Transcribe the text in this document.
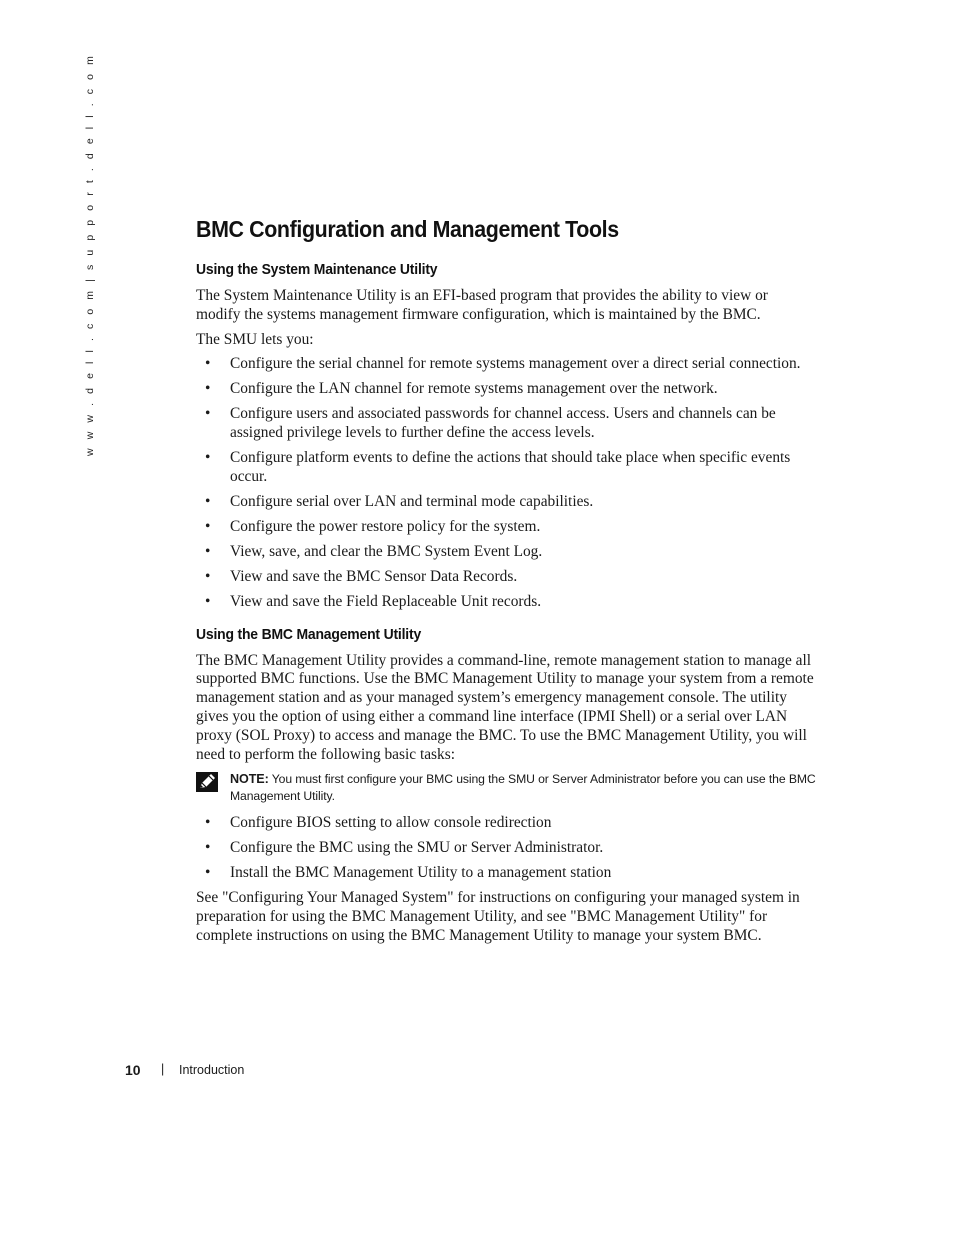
w w w . d e l l . c o m | s u p p o r t . d e l l . c o m	BMC Configuration and Management Tools
Using the System Maintenance Utility

The System Maintenance Utility is an EFI-based program that provides the ability to view or modify the systems management firmware configuration, which is maintained by the BMC.

The SMU lets you:

• Configure the serial channel for remote systems management over a direct serial connection.
• Configure the LAN channel for remote systems management over the network.
• Configure users and associated passwords for channel access. Users and channels can be assigned privilege levels to further define the access levels.
• Configure platform events to define the actions that should take place when specific events occur.
• Configure serial over LAN and terminal mode capabilities.
• Configure the power restore policy for the system.
• View, save, and clear the BMC System Event Log.
• View and save the BMC Sensor Data Records.
• View and save the Field Replaceable Unit records.
Using the BMC Management Utility

The BMC Management Utility provides a command-line, remote management station to manage all supported BMC functions. Use the BMC Management Utility to manage your system from a remote management station and as your managed system’s emergency management console. The utility gives you the option of using either a command line interface (IPMI Shell) or a serial over LAN proxy (SOL Proxy) to access and manage the BMC. To use the BMC Management Utility, you will need to perform the following basic tasks:

NOTE: You must first configure your BMC using the SMU or Server Administrator before you can use the BMC Management Utility.
• Configure BIOS setting to allow console redirection
• Configure the BMC using the SMU or Server Administrator.
• Install the BMC Management Utility to a management station

See "Configuring Your Managed System" for instructions on configuring your managed system in preparation for using the BMC Management Utility, and see "BMC Management Utility" for complete instructions on using the BMC Management Utility to manage your system BMC.

10 | Introduction
